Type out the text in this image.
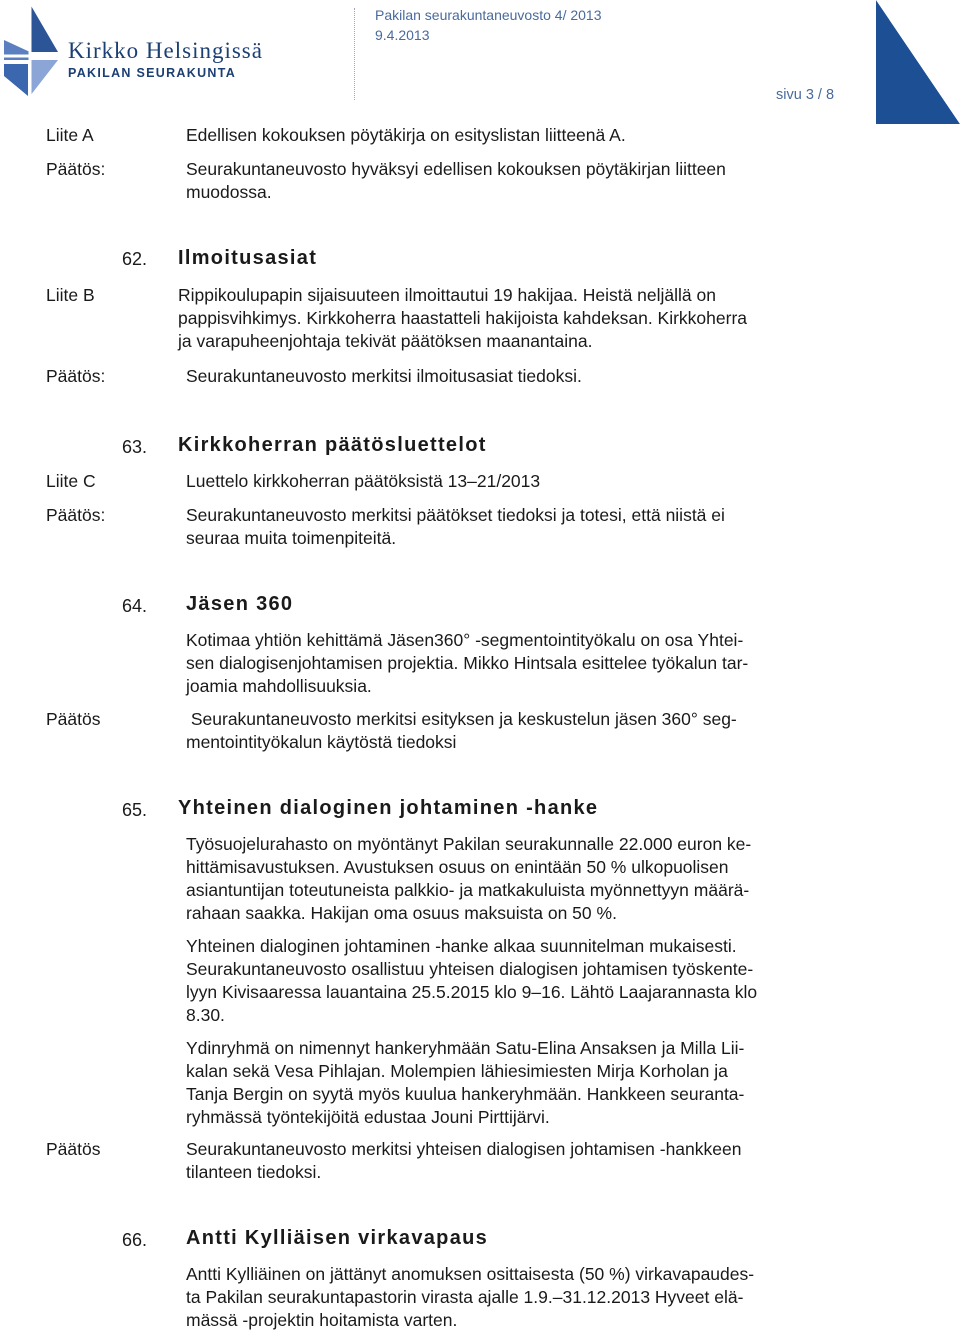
Kirkko Helsingissä
PAKILAN SEURAKUNTA
Pakilan seurakuntaneuvosto 4/ 2013
9.4.2013
sivu 3 / 8
Liite A	Edellisen kokouksen pöytäkirja on esityslistan liitteenä A.
Päätös:	Seurakuntaneuvosto hyväksyi edellisen kokouksen pöytäkirjan liitteen
muodossa.
62. Ilmoitusasiat
Liite B	Rippikoulupapin sijaisuuteen ilmoittautui 19 hakijaa. Heistä neljällä on
pappisvihkimys. Kirkkoherra haastatteli hakijoista kahdeksan. Kirkkoherra
ja varapuheenjohtaja tekivät päätöksen maanantaina.
Päätös:	Seurakuntaneuvosto merkitsi ilmoitusasiat tiedoksi.
63. Kirkkoherran päätösluettelot
Liite C	Luettelo kirkkoherran päätöksistä 13–21/2013
Päätös:	Seurakuntaneuvosto merkitsi päätökset tiedoksi ja totesi, että niistä ei
seuraa muita toimenpiteitä.
64. Jäsen 360
Kotimaa yhtiön kehittämä Jäsen360° -segmentointityökalu on osa Yhtei-
sen dialogisenjohtamisen projektia. Mikko Hintsala esittelee työkalun tar-
joamia mahdollisuuksia.
Päätös	Seurakuntaneuvosto merkitsi esityksen ja keskustelun jäsen 360° seg-
mentointityökalun käytöstä tiedoksi
65. Yhteinen dialoginen johtaminen -hanke
Työsuojelurahasto on myöntänyt Pakilan seurakunnalle 22.000 euron ke-
hittämisavustuksen. Avustuksen osuus on enintään 50 % ulkopuolisen
asiantuntijan toteutuneista palkkio- ja matkakuluista myönnettyyn määrä-
rahaan saakka. Hakijan oma osuus maksuista on 50 %.
Yhteinen dialoginen johtaminen -hanke alkaa suunnitelman mukaisesti.
Seurakuntaneuvosto osallistuu yhteisen dialogisen johtamisen työskente-
lyyn Kivisaaressa lauantaina 25.5.2015 klo 9–16. Lähtö Laajarannasta klo
8.30.
Ydinryhmä on nimennyt hankeryhmään Satu-Elina Ansaksen ja Milla Lii-
kalan sekä Vesa Pihlajan. Molempien lähiesimiesten Mirja Korholan ja
Tanja Bergin on syytä myös kuulua hankeryhmään. Hankkeen seuranta-
ryhmässä työntekijöitä edustaa Jouni Pirttijärvi.
Päätös	Seurakuntaneuvosto merkitsi yhteisen dialogisen johtamisen -hankkeen
tilanteen tiedoksi.
66. Antti Kylliäisen virkavapaus
Antti Kylliäinen on jättänyt anomuksen osittaisesta (50 %) virkavapaudes-
ta Pakilan seurakuntapastorin virasta ajalle 1.9.–31.12.2013 Hyveet elä-
mässä -projektin hoitamista varten.
